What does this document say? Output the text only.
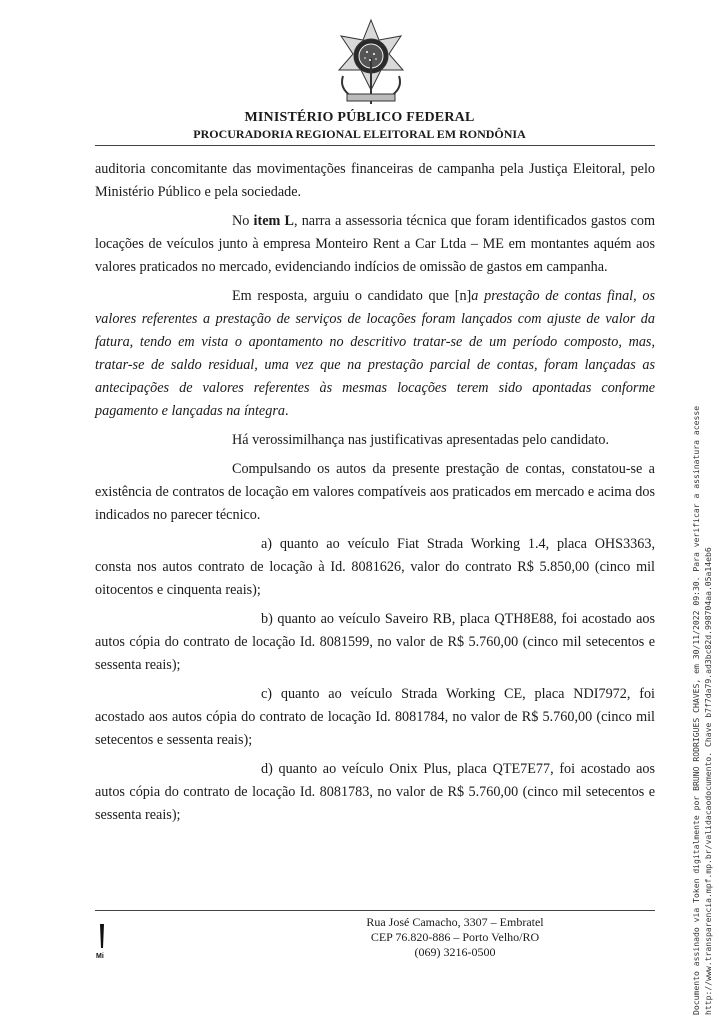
MINISTÉRIO PÚBLICO FEDERAL
PROCURADORIA REGIONAL ELEITORAL EM RONDÔNIA

auditoria concomitante das movimentações financeiras de campanha pela Justiça Eleitoral, pelo Ministério Público e pela sociedade.

No item L, narra a assessoria técnica que foram identificados gastos com locações de veículos junto à empresa Monteiro Rent a Car Ltda – ME em montantes aquém aos valores praticados no mercado, evidenciando indícios de omissão de gastos em campanha.

Em resposta, arguiu o candidato que [n]a prestação de contas final, os valores referentes a prestação de serviços de locações foram lançados com ajuste de valor da fatura, tendo em vista o apontamento no descritivo tratar-se de um período composto, mas, tratar-se de saldo residual, uma vez que na prestação parcial de contas, foram lançadas as antecipações de valores referentes às mesmas locações terem sido apontadas conforme pagamento e lançadas na íntegra.

Há verossimilhança nas justificativas apresentadas pelo candidato.

Compulsando os autos da presente prestação de contas, constatou-se a existência de contratos de locação em valores compatíveis aos praticados em mercado e acima dos indicados no parecer técnico.

a) quanto ao veículo Fiat Strada Working 1.4, placa OHS3363, consta nos autos contrato de locação à Id. 8081626, valor do contrato R$ 5.850,00 (cinco mil oitocentos e cinquenta reais);

b) quanto ao veículo Saveiro RB, placa QTH8E88, foi acostado aos autos cópia do contrato de locação Id. 8081599, no valor de R$ 5.760,00 (cinco mil setecentos e sessenta reais);

c) quanto ao veículo Strada Working CE, placa NDI7972, foi acostado aos autos cópia do contrato de locação Id. 8081784, no valor de R$ 5.760,00 (cinco mil setecentos e sessenta reais);

d) quanto ao veículo Onix Plus, placa QTE7E77, foi acostado aos autos cópia do contrato de locação Id. 8081783, no valor de R$ 5.760,00 (cinco mil setecentos e sessenta reais);

Mi
Rua José Camacho, 3307 – Embratel
CEP 76.820-886 – Porto Velho/RO
(069) 3216-0500	Documento assinado via Token digitalmente por BRUNO RODRIGUES CHAVES, em 30/11/2022 09:30. Para verificar a assinatura acesse http://www.transparencia.mpf.mp.br/validacaodocumento. Chave b7f7da79.ad3bc82d.998704aa.05a14eb6
